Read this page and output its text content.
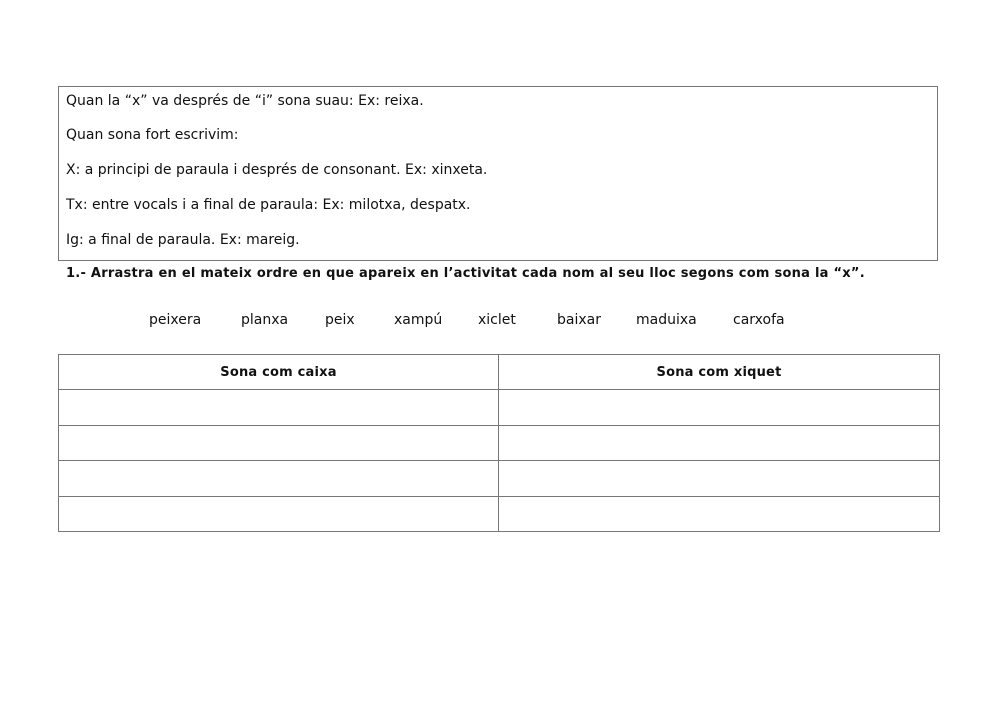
Quan la “x” va després de “i” sona suau: Ex: reixa.
Quan sona fort escrivim:
X: a principi de paraula i després de consonant. Ex: xinxeta.
Tx: entre vocals i a final de paraula: Ex: milotxa, despatx.
Ig: a final de paraula. Ex: mareig.
1.- Arrastra en el mateix ordre en que apareix en l’activitat cada nom al seu lloc segons com sona la “x”.
peixera	planxa	peix	xampú	xiclet	baixar	maduixa	carxofa
Sona com caixa	Sona com xiquet
